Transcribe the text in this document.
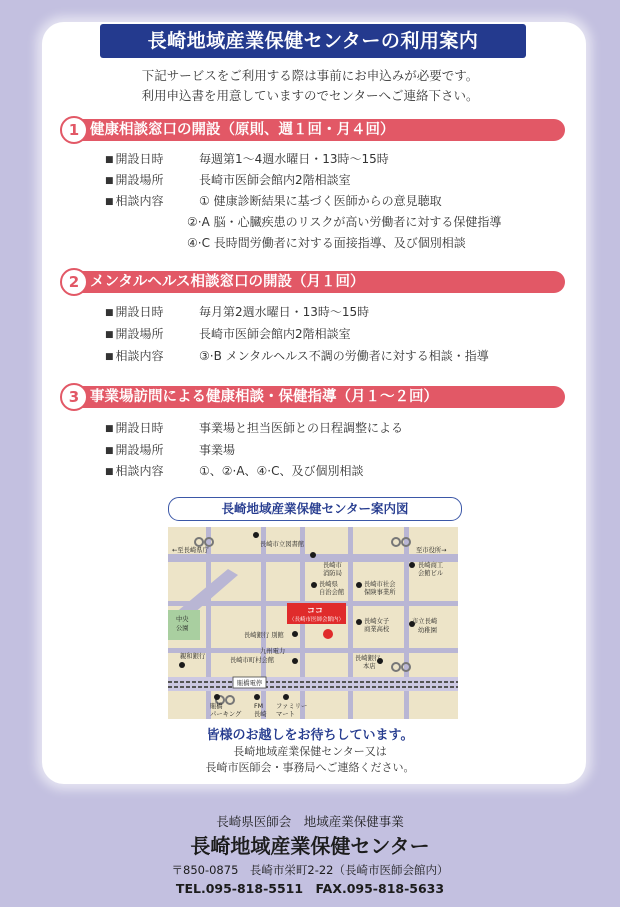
長崎地域産業保健センターの利用案内
下記サービスをご利用する際は事前にお申込みが必要です。
利用申込書を用意していますのでセンターへご連絡下さい。
健康相談窓口の開設（原則、週１回・月４回）
1
■ 開設日時	毎週第1〜4週水曜日・13時〜15時
■ 開設場所	長崎市医師会館内2階相談室
■ 相談内容	① 健康診断結果に基づく医師からの意見聴取
②·A 脳・心臓疾患のリスクが高い労働者に対する保健指導
④·C 長時間労働者に対する面接指導、及び個別相談
メンタルヘルス相談窓口の開設（月１回）
2
■ 開設日時	毎月第2週水曜日・13時〜15時
■ 開設場所	長崎市医師会館内2階相談室
■ 相談内容	③·B メンタルヘルス不調の労働者に対する相談・指導
事業場訪問による健康相談・保健指導（月１〜２回）
3
■ 開設日時	事業場と担当医師との日程調整による
■ 開設場所	事業場
■ 相談内容	①、②·A、④·C、及び個別相談
長崎地域産業保健センター案内図
長崎市立図書館
←至長崎県庁	至市役所→
長崎市
消防局
長崎県
自治会館
長崎市社会
保険事業所
長崎商工
会館ビル
中央
公園
長崎女子
商業高校
市立長崎
幼稚園
長崎銀行 別館
九州電力
長崎市町村会館
親和銀行	長崎銀行
本店
賑橋
パーキング
FM
長崎
ファミリー
マート
賑橋電停
ココ
（長崎市医師会館内）
皆様のお越しをお待ちしています。
長崎地域産業保健センター又は
長崎市医師会・事務局へご連絡ください。
長崎県医師会　地域産業保健事業
長崎地域産業保健センター
〒850-0875　長崎市栄町2-22（長崎市医師会館内）
TEL.095-818-5511　FAX.095-818-5633
